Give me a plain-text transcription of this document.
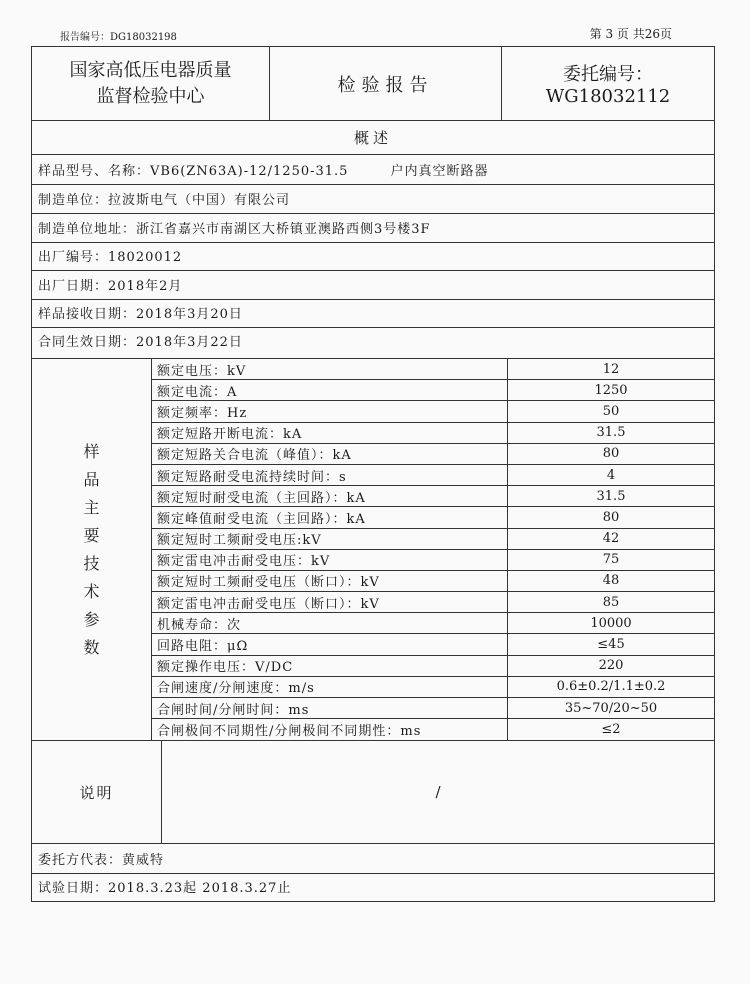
报告编号：DG18032198	第 3 页 共26页
国家高低压电器质量
监督检验中心
检验报告	委托编号：WG18032112
概述
样品型号、名称：VB6(ZN63A)-12/1250-31.5　　　户内真空断路器
制造单位：拉波斯电气（中国）有限公司
制造单位地址：浙江省嘉兴市南湖区大桥镇亚澳路西侧3号楼3F
出厂编号：18020012
出厂日期：2018年2月
样品接收日期：2018年3月20日
合同生效日期：2018年3月22日
样
品
主
要
技
术
参
数
额定电压：kV	12
额定电流：A	1250
额定频率：Hz	50
额定短路开断电流：kA	31.5
额定短路关合电流（峰值）：kA	80
额定短路耐受电流持续时间：s	4
额定短时耐受电流（主回路）：kA	31.5
额定峰值耐受电流（主回路）：kA	80
额定短时工频耐受电压:kV	42
额定雷电冲击耐受电压：kV	75
额定短时工频耐受电压（断口）：kV	48
额定雷电冲击耐受电压（断口）：kV	85
机械寿命：次	10000
回路电阻：μΩ	≤45
额定操作电压：V/DC	220
合闸速度/分闸速度：m/s	0.6±0.2/1.1±0.2
合闸时间/分闸时间：ms	35~70/20~50
合闸极间不同期性/分闸极间不同期性：ms	≤2
说明	/
委托方代表：黄威特
试验日期：2018.3.23起 2018.3.27止
